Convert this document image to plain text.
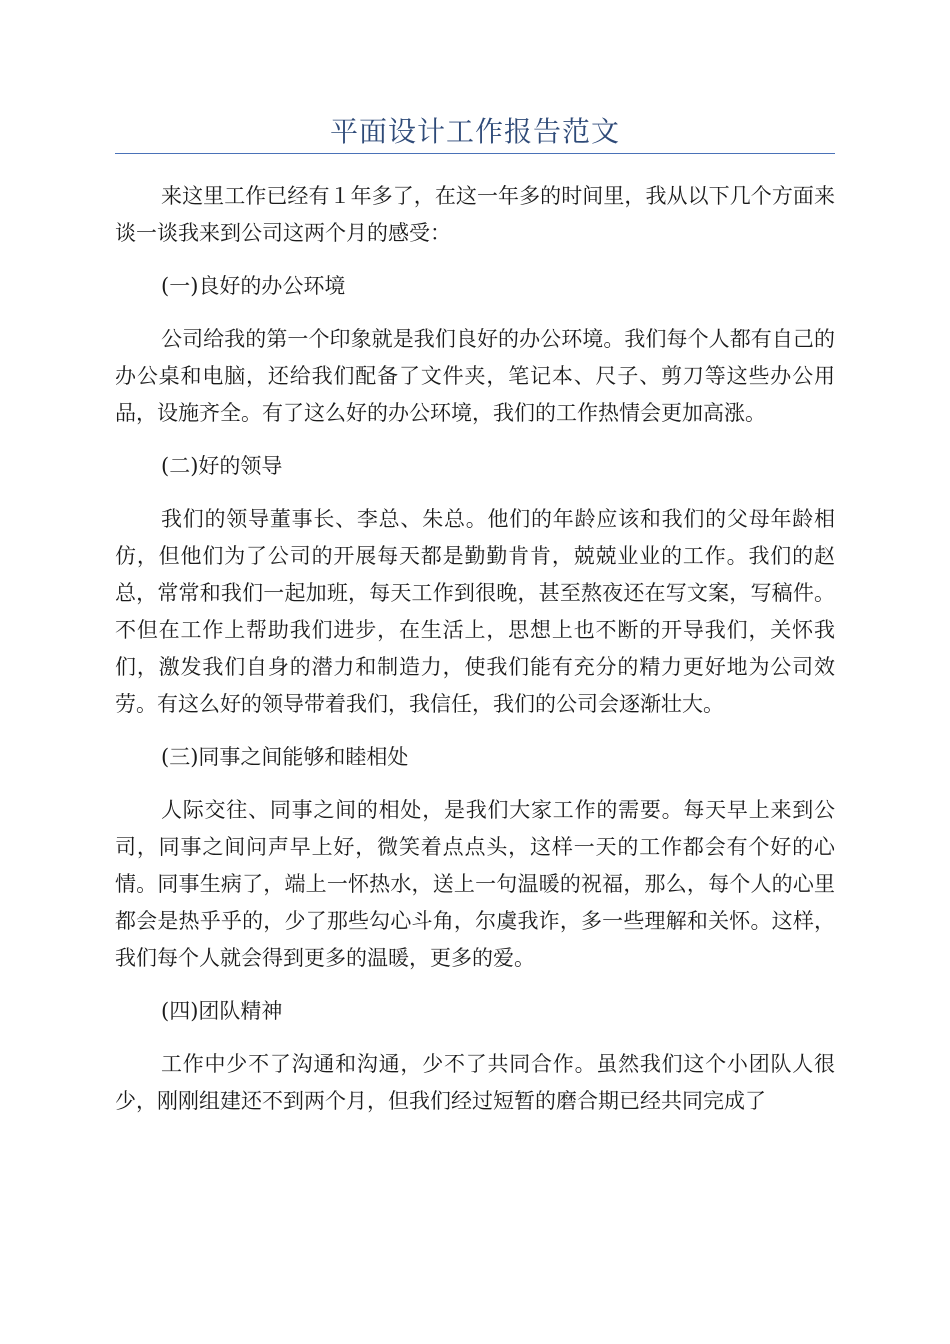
平面设计工作报告范文

来这里工作已经有１年多了，在这一年多的时间里，我从以下几个方面来谈一谈我来到公司这两个月的感受：

(一)良好的办公环境

公司给我的第一个印象就是我们良好的办公环境。我们每个人都有自己的办公桌和电脑，还给我们配备了文件夹，笔记本、尺子、剪刀等这些办公用品，设施齐全。有了这么好的办公环境，我们的工作热情会更加高涨。

(二)好的领导

我们的领导董事长、李总、朱总。他们的年龄应该和我们的父母年龄相仿，但他们为了公司的开展每天都是勤勤肯肯，兢兢业业的工作。我们的赵总，常常和我们一起加班，每天工作到很晚，甚至熬夜还在写文案，写稿件。不但在工作上帮助我们进步，在生活上，思想上也不断的开导我们，关怀我们，激发我们自身的潜力和制造力，使我们能有充分的精力更好地为公司效劳。有这么好的领导带着我们，我信任，我们的公司会逐渐壮大。

(三)同事之间能够和睦相处

人际交往、同事之间的相处，是我们大家工作的需要。每天早上来到公司，同事之间问声早上好，微笑着点点头，这样一天的工作都会有个好的心情。同事生病了，端上一怀热水，送上一句温暖的祝福，那么，每个人的心里都会是热乎乎的，少了那些勾心斗角，尔虞我诈，多一些理解和关怀。这样，我们每个人就会得到更多的温暖，更多的爱。

(四)团队精神

工作中少不了沟通和沟通，少不了共同合作。虽然我们这个小团队人很少，刚刚组建还不到两个月，但我们经过短暂的磨合期已经共同完成了
